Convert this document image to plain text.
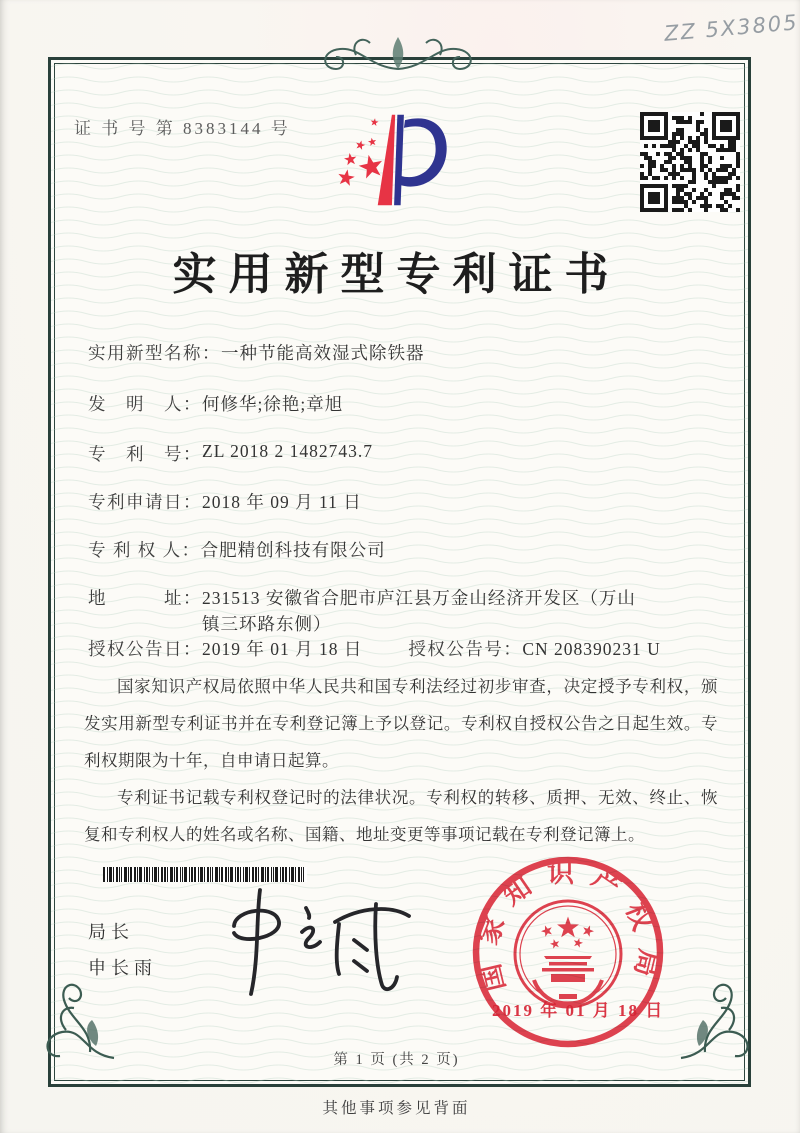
ZZ 5X3805
证 书 号 第 8383144 号
实用新型专利证书
实用新型名称：一种节能高效湿式除铁器
发　明　人：何修华;徐艳;章旭
专　利　号：ZL 2018 2 1482743.7
专利申请日：2018 年 09 月 11 日
专 利 权 人：合肥精创科技有限公司
地　　　址：231513 安徽省合肥市庐江县万金山经济开发区（万山镇三环路东侧）
授权公告日：2019 年 01 月 18 日	授权公告号：CN 208390231 U

国家知识产权局依照中华人民共和国专利法经过初步审查，决定授予专利权，颁发实用新型专利证书并在专利登记簿上予以登记。专利权自授权公告之日起生效。专利权期限为十年，自申请日起算。

专利证书记载专利权登记时的法律状况。专利权的转移、质押、无效、终止、恢复和专利权人的姓名或名称、国籍、地址变更等事项记载在专利登记簿上。

局长
申长雨	国家知识产权局
2019 年 01 月 18 日
第 1 页 (共 2 页)
其他事项参见背面
